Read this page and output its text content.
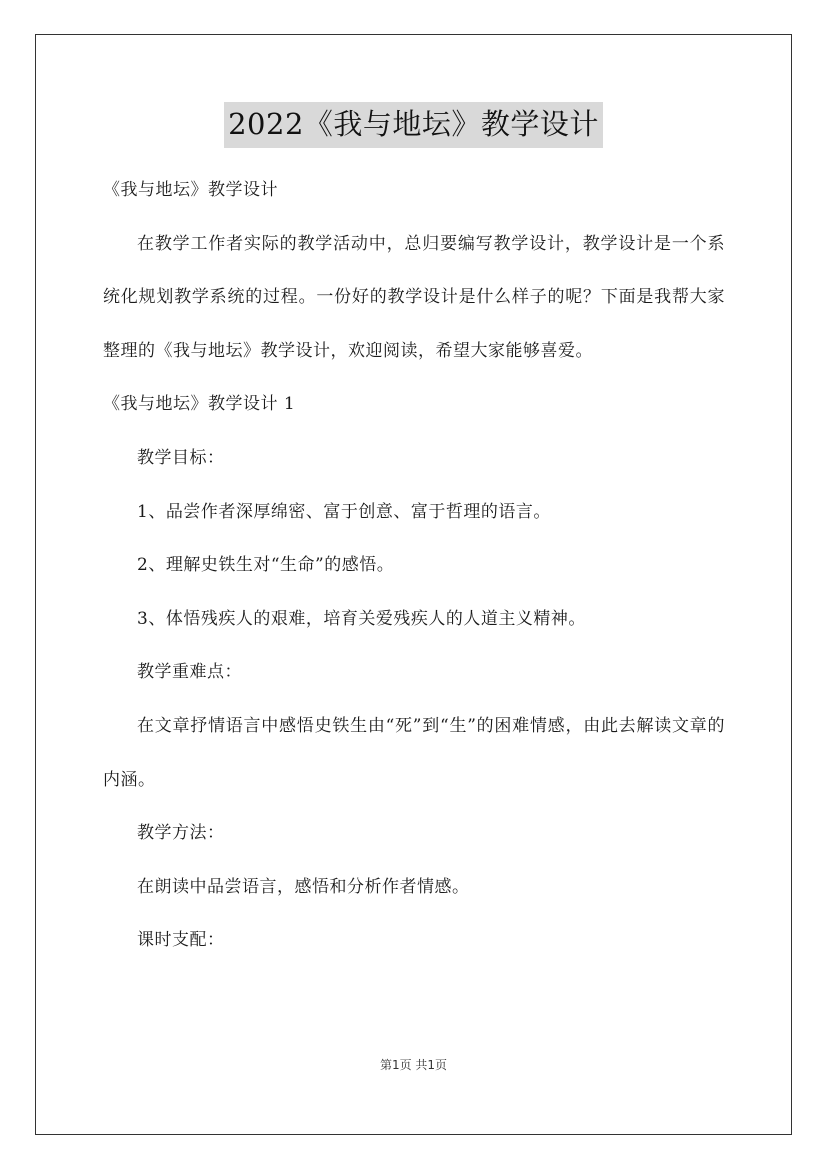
2022《我与地坛》教学设计

《我与地坛》教学设计

在教学工作者实际的教学活动中，总归要编写教学设计，教学设计是一个系统化规划教学系统的过程。一份好的教学设计是什么样子的呢？下面是我帮大家整理的《我与地坛》教学设计，欢迎阅读，希望大家能够喜爱。

《我与地坛》教学设计 1

教学目标：

1、品尝作者深厚绵密、富于创意、富于哲理的语言。

2、理解史铁生对“生命”的感悟。

3、体悟残疾人的艰难，培育关爱残疾人的人道主义精神。

教学重难点：

在文章抒情语言中感悟史铁生由“死”到“生”的困难情感，由此去解读文章的内涵。

教学方法：

在朗读中品尝语言，感悟和分析作者情感。

课时支配：

第1页 共1页
